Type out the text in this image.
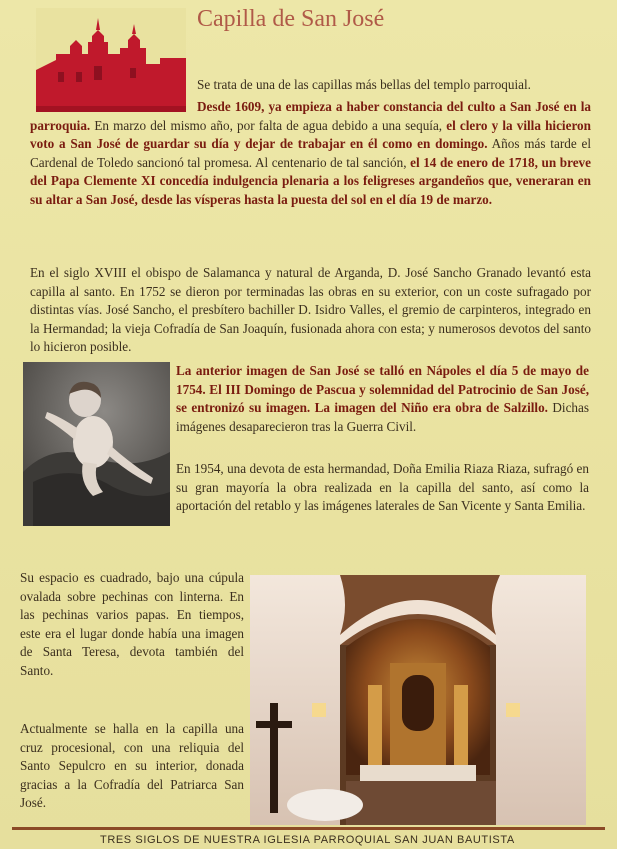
Capilla de San José

Se trata de una de las capillas más bellas del templo parroquial.

Desde 1609, ya empieza a haber constancia del culto a San José en la parroquia. En marzo del mismo año, por falta de agua debido a una sequía, el clero y la villa hicieron voto a San José de guardar su día y dejar de trabajar en él como en domingo. Años más tarde el Cardenal de Toledo sancionó tal promesa. Al centenario de tal sanción, el 14 de enero de 1718, un breve del Papa Clemente XI concedía indulgencia plenaria a los feligreses argandeños que, veneraran en su altar a San José, desde las vísperas hasta la puesta del sol en el día 19 de marzo.

En el siglo XVIII el obispo de Salamanca y natural de Arganda, D. José Sancho Granado levantó esta capilla al santo. En 1752 se dieron por terminadas las obras en su exterior, con un coste sufragado por distintas vías. José Sancho, el presbítero bachiller D. Isidro Valles, el gremio de carpinteros, integrado en la Hermandad; la vieja Cofradía de San Joaquín, fusionada ahora con esta; y numerosos devotos del santo lo hicieron posible.

La anterior imagen de San José se talló en Nápoles el día 5 de mayo de 1754. El III Domingo de Pascua y solemnidad del Patrocinio de San José, se entronizó su imagen. La imagen del Niño era obra de Salzillo. Dichas imágenes desaparecieron tras la Guerra Civil.

En 1954, una devota de esta hermandad, Doña Emilia Riaza Riaza, sufragó en su gran mayoría la obra realizada en la capilla del santo, así como la aportación del retablo y las imágenes laterales de San Vicente y Santa Emilia.

Su espacio es cuadrado, bajo una cúpula ovalada sobre pechinas con linterna. En las pechinas varios papas. En tiempos, este era el lugar donde había una imagen de Santa Teresa, devota también del Santo.

Actualmente se halla en la capilla una cruz procesional, con una reliquia del Santo Sepulcro en su interior, donada gracias a la Cofradía del Patriarca San José.

TRES SIGLOS DE NUESTRA IGLESIA PARROQUIAL SAN JUAN BAUTISTA
